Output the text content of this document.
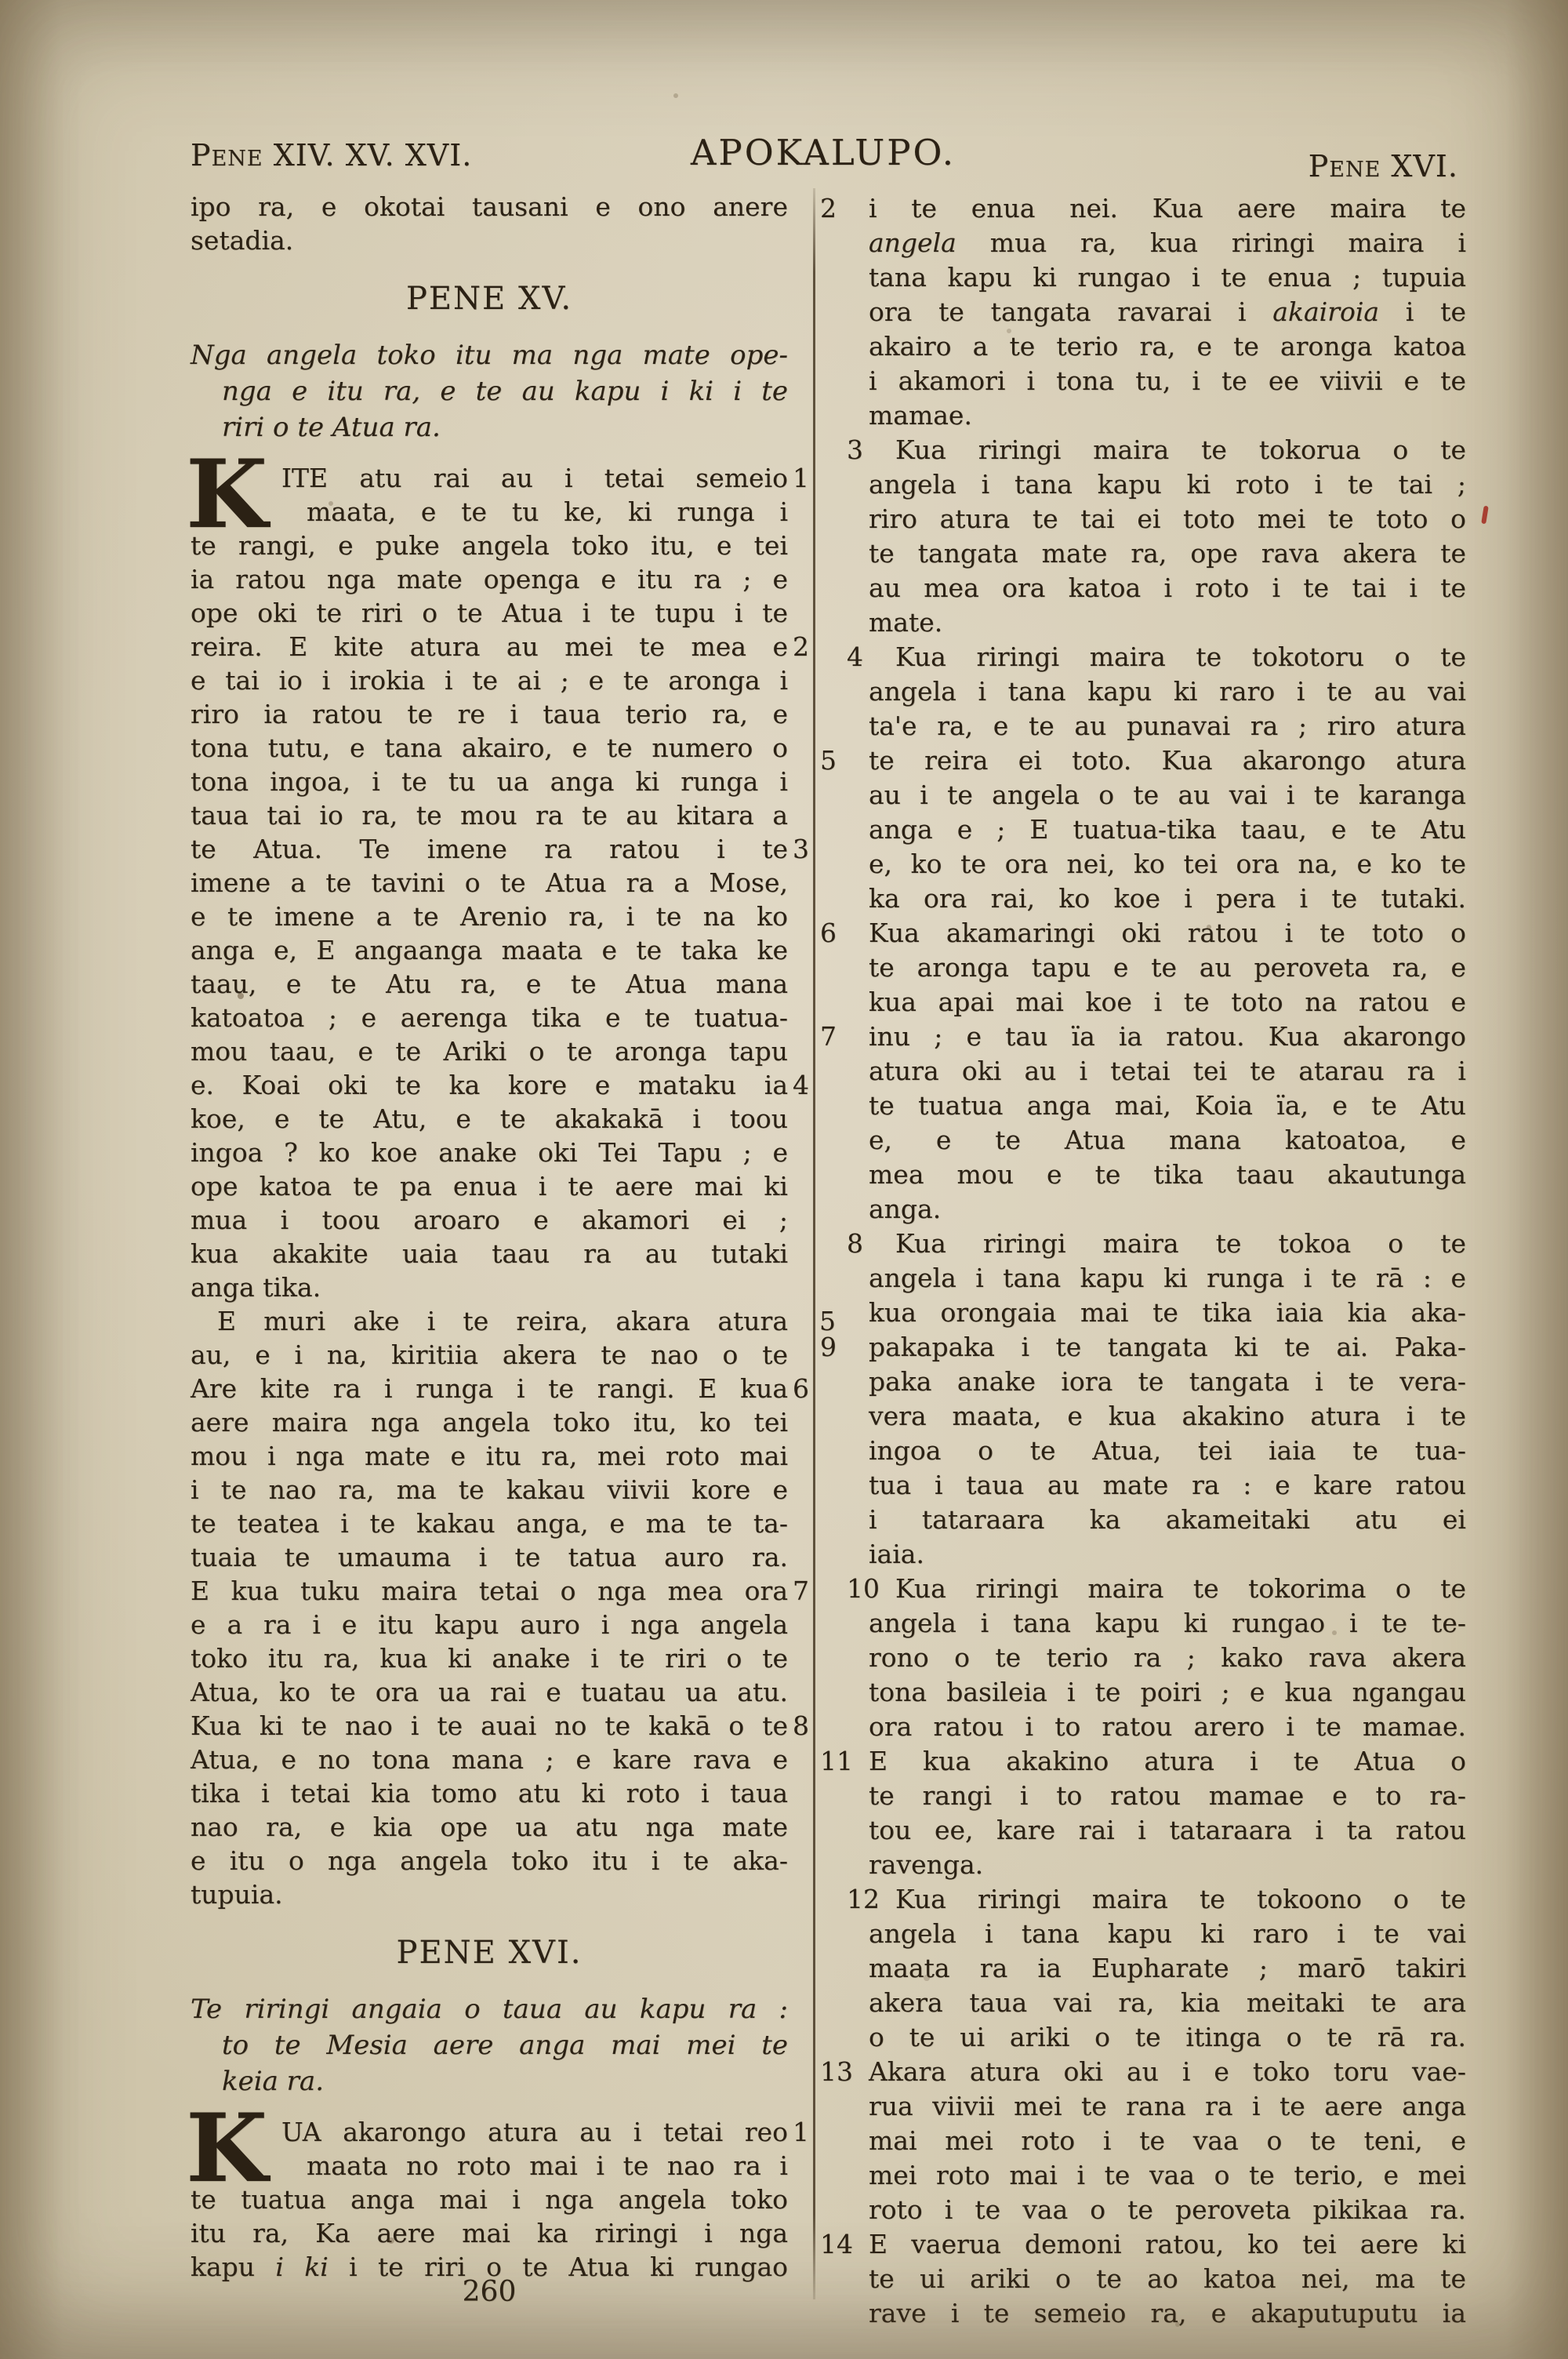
Pene XIV. XV. XVI.	APOKALUPO.	Pene XVI.
ipo ra, e okotai tausani e ono anere
setadia.
PENE XV.
Nga angela toko itu ma nga mate ope-
nga e itu ra, e te au kapu i ki i te
riri o te Atua ra.
K	1
ITE atu rai au i tetai semeio
maata, e te tu ke, ki runga i
te rangi, e puke angela toko itu, e tei
ia ratou nga mate openga e itu ra ; e
ope oki te riri o te Atua i te tupu i te
2
reira. E kite atura au mei te mea e
e tai io i irokia i te ai ; e te aronga i
riro ia ratou te re i taua terio ra, e
tona tutu, e tana akairo, e te numero o
tona ingoa, i te tu ua anga ki runga i
taua tai io ra, te mou ra te au kitara a
3
te Atua. Te imene ra ratou i te
imene a te tavini o te Atua ra a Mose,
e te imene a te Arenio ra, i te na ko
anga e, E angaanga maata e te taka ke
taau, e te Atu ra, e te Atua mana
katoatoa ; e aerenga tika e te tuatua-
mou taau, e te Ariki o te aronga tapu
4
e. Koai oki te ka kore e mataku ia
koe, e te Atu, e te akakakā i toou
ingoa ? ko koe anake oki Tei Tapu ; e
ope katoa te pa enua i te aere mai ki
mua i toou aroaro e akamori ei ;
kua akakite uaia taau ra au tutaki
anga tika.
5
E muri ake i te reira, akara atura
au, e i na, kiritiia akera te nao o te
6
Are kite ra i runga i te rangi. E kua
aere maira nga angela toko itu, ko tei
mou i nga mate e itu ra, mei roto mai
i te nao ra, ma te kakau viivii kore e
te teatea i te kakau anga, e ma te ta-
tuaia te umauma i te tatua auro ra.
7
E kua tuku maira tetai o nga mea ora
e a ra i e itu kapu auro i nga angela
toko itu ra, kua ki anake i te riri o te
Atua, ko te ora ua rai e tuatau ua atu.
8
Kua ki te nao i te auai no te kakā o te
Atua, e no tona mana ; e kare rava e
tika i tetai kia tomo atu ki roto i taua
nao ra, e kia ope ua atu nga mate
e itu o nga angela toko itu i te aka-
tupuia.
PENE XVI.
Te riringi angaia o taua au kapu ra :
to te Mesia aere anga mai mei te
keia ra.
K	1
UA akarongo atura au i tetai reo
maata no roto mai i te nao ra i
te tuatua anga mai i nga angela toko
itu ra, Ka aere mai ka riringi i nga
kapu i ki i te riri o te Atua ki rungao
2	i te enua nei. Kua aere maira te
angela mua ra, kua riringi maira i
tana kapu ki rungao i te enua ; tupuia
ora te tangata ravarai i akairoia i te
akairo a te terio ra, e te aronga katoa
i akamori i tona tu, i te ee viivii e te
mamae.
3 Kua riringi maira te tokorua o te
angela i tana kapu ki roto i te tai ;
riro atura te tai ei toto mei te toto o
te tangata mate ra, ope rava akera te
au mea ora katoa i roto i te tai i te
mate.
4 Kua riringi maira te tokotoru o te
angela i tana kapu ki raro i te au vai
ta'e ra, e te au punavai ra ; riro atura
5	te reira ei toto. Kua akarongo atura
au i te angela o te au vai i te karanga
anga e ; E tuatua-tika taau, e te Atu
e, ko te ora nei, ko tei ora na, e ko te
ka ora rai, ko koe i pera i te tutaki.
6	Kua akamaringi oki ratou i te toto o
te aronga tapu e te au peroveta ra, e
kua apai mai koe i te toto na ratou e
7	inu ; e tau ïa ia ratou. Kua akarongo
atura oki au i tetai tei te atarau ra i
te tuatua anga mai, Koia ïa, e te Atu
e, e te Atua mana katoatoa, e
mea mou e te tika taau akautunga
anga.
8 Kua riringi maira te tokoa o te
angela i tana kapu ki runga i te rā : e
kua orongaia mai te tika iaia kia aka-
9	pakapaka i te tangata ki te ai. Paka-
paka anake iora te tangata i te vera-
vera maata, e kua akakino atura i te
ingoa o te Atua, tei iaia te tua-
tua i taua au mate ra : e kare ratou
i tataraara ka akameitaki atu ei
iaia.
10 Kua riringi maira te tokorima o te
angela i tana kapu ki rungao i te te-
rono o te terio ra ; kako rava akera
tona basileia i te poiri ; e kua ngangau
ora ratou i to ratou arero i te mamae.
11 E kua akakino atura i te Atua o
te rangi i to ratou mamae e to ra-
tou ee, kare rai i tataraara i ta ratou
ravenga.
12 Kua riringi maira te tokoono o te
angela i tana kapu ki raro i te vai
maata ra ia Eupharate ; marō takiri
akera taua vai ra, kia meitaki te ara
o te ui ariki o te itinga o te rā ra.
13 Akara atura oki au i e toko toru vae-
rua viivii mei te rana ra i te aere anga
mai mei roto i te vaa o te teni, e
mei roto mai i te vaa o te terio, e mei
roto i te vaa o te peroveta pikikaa ra.
14 E vaerua demoni ratou, ko tei aere ki
te ui ariki o te ao katoa nei, ma te
rave i te semeio ra, e akaputuputu ia
260
